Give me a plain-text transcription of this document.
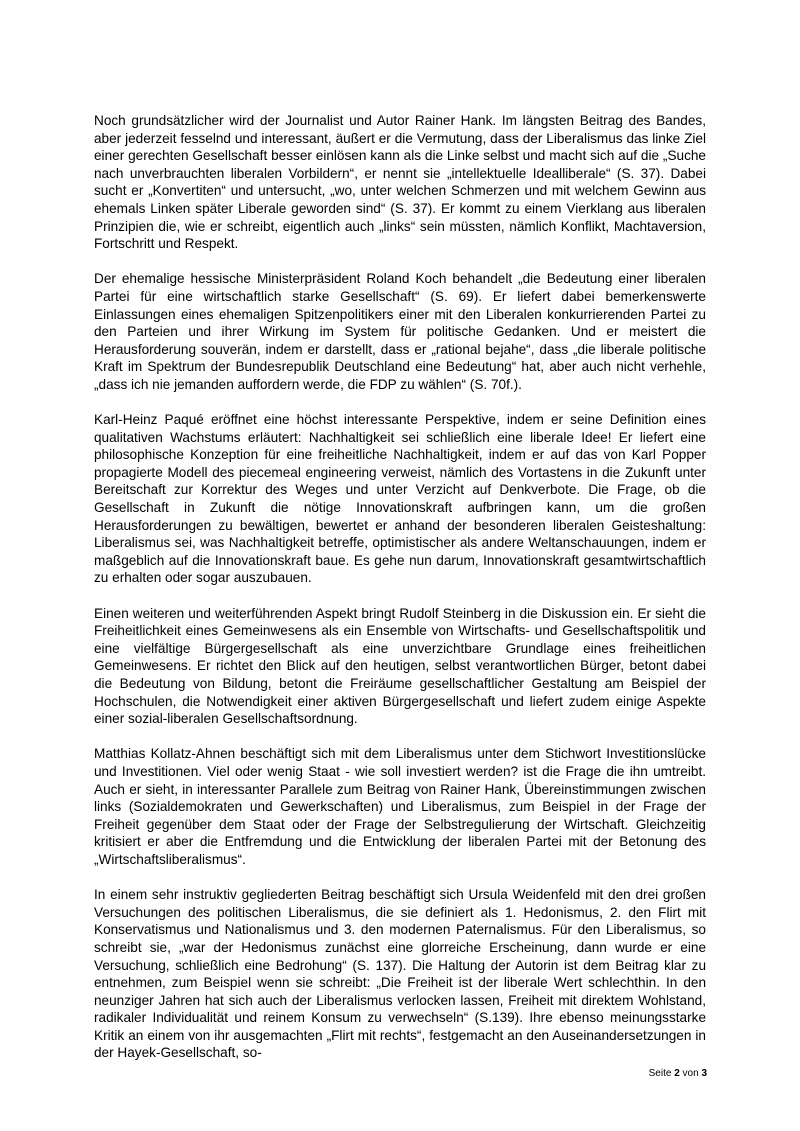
Noch grundsätzlicher wird der Journalist und Autor Rainer Hank. Im längsten Beitrag des Bandes, aber jederzeit fesselnd und interessant, äußert er die Vermutung, dass der Liberalismus das linke Ziel einer gerechten Gesellschaft besser einlösen kann als die Linke selbst und macht sich auf die „Suche nach unverbrauchten liberalen Vorbildern“, er nennt sie „intellektuelle Idealliberale“ (S. 37). Dabei sucht er „Konvertiten“ und untersucht, „wo, unter welchen Schmerzen und mit welchem Gewinn aus ehemals Linken später Liberale geworden sind“ (S. 37). Er kommt zu einem Vierklang aus liberalen Prinzipien die, wie er schreibt, eigentlich auch „links“ sein müssten, nämlich Konflikt, Machtaversion, Fortschritt und Respekt.

Der ehemalige hessische Ministerpräsident Roland Koch behandelt „die Bedeutung einer liberalen Partei für eine wirtschaftlich starke Gesellschaft“ (S. 69). Er liefert dabei bemerkenswerte Einlassungen eines ehemaligen Spitzenpolitikers einer mit den Liberalen konkurrierenden Partei zu den Parteien und ihrer Wirkung im System für politische Gedanken. Und er meistert die Herausforderung souverän, indem er darstellt, dass er „rational bejahe“, dass „die liberale politische Kraft im Spektrum der Bundesrepublik Deutschland eine Bedeutung“ hat, aber auch nicht verhehle, „dass ich nie jemanden auffordern werde, die FDP zu wählen“ (S. 70f.).

Karl-Heinz Paqué eröffnet eine höchst interessante Perspektive, indem er seine Definition eines qualitativen Wachstums erläutert: Nachhaltigkeit sei schließlich eine liberale Idee! Er liefert eine philosophische Konzeption für eine freiheitliche Nachhaltigkeit, indem er auf das von Karl Popper propagierte Modell des piecemeal engineering verweist, nämlich des Vortastens in die Zukunft unter Bereitschaft zur Korrektur des Weges und unter Verzicht auf Denkverbote. Die Frage, ob die Gesellschaft in Zukunft die nötige Innovationskraft aufbringen kann, um die großen Herausforderungen zu bewältigen, bewertet er anhand der besonderen liberalen Geisteshaltung: Liberalismus sei, was Nachhaltigkeit betreffe, optimistischer als andere Weltanschauungen, indem er maßgeblich auf die Innovationskraft baue. Es gehe nun darum, Innovationskraft gesamtwirtschaftlich zu erhalten oder sogar auszubauen.

Einen weiteren und weiterführenden Aspekt bringt Rudolf Steinberg in die Diskussion ein. Er sieht die Freiheitlichkeit eines Gemeinwesens als ein Ensemble von Wirtschafts- und Gesellschaftspolitik und eine vielfältige Bürgergesellschaft als eine unverzichtbare Grundlage eines freiheitlichen Gemeinwesens. Er richtet den Blick auf den heutigen, selbst verantwortlichen Bürger, betont dabei die Bedeutung von Bildung, betont die Freiräume gesellschaftlicher Gestaltung am Beispiel der Hochschulen, die Notwendigkeit einer aktiven Bürgergesellschaft und liefert zudem einige Aspekte einer sozial-liberalen Gesellschaftsordnung.

Matthias Kollatz-Ahnen beschäftigt sich mit dem Liberalismus unter dem Stichwort Investitionslücke und Investitionen. Viel oder wenig Staat - wie soll investiert werden? ist die Frage die ihn umtreibt. Auch er sieht, in interessanter Parallele zum Beitrag von Rainer Hank, Übereinstimmungen zwischen links (Sozialdemokraten und Gewerkschaften) und Liberalismus, zum Beispiel in der Frage der Freiheit gegenüber dem Staat oder der Frage der Selbstregulierung der Wirtschaft. Gleichzeitig kritisiert er aber die Entfremdung und die Entwicklung der liberalen Partei mit der Betonung des „Wirtschaftsliberalismus“.

In einem sehr instruktiv gegliederten Beitrag beschäftigt sich Ursula Weidenfeld mit den drei großen Versuchungen des politischen Liberalismus, die sie definiert als 1. Hedonismus, 2. den Flirt mit Konservatismus und Nationalismus und 3. den modernen Paternalismus. Für den Liberalismus, so schreibt sie, „war der Hedonismus zunächst eine glorreiche Erscheinung, dann wurde er eine Versuchung, schließlich eine Bedrohung“ (S. 137). Die Haltung der Autorin ist dem Beitrag klar zu entnehmen, zum Beispiel wenn sie schreibt: „Die Freiheit ist der liberale Wert schlechthin. In den neunziger Jahren hat sich auch der Liberalismus verlocken lassen, Freiheit mit direktem Wohlstand, radikaler Individualität und reinem Konsum zu verwechseln“ (S.139). Ihre ebenso meinungsstarke Kritik an einem von ihr ausgemachten „Flirt mit rechts“, festgemacht an den Auseinandersetzungen in der Hayek-Gesellschaft, so-

Seite 2 von 3
